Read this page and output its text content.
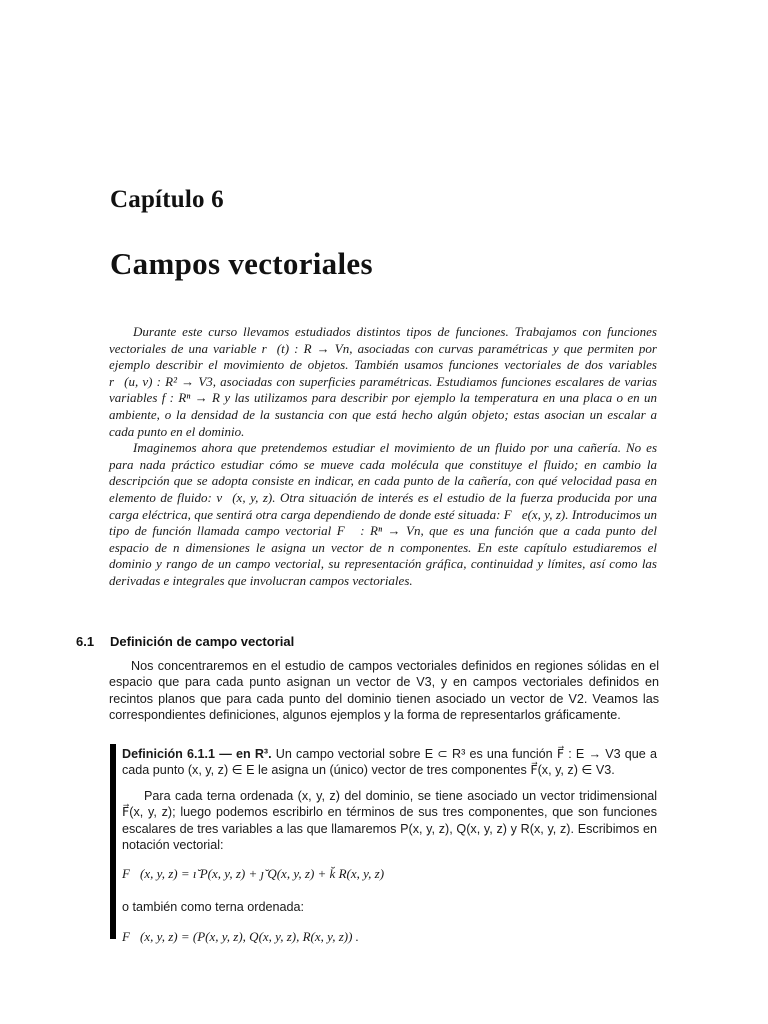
Capítulo 6
Campos vectoriales

Durante este curso llevamos estudiados distintos tipos de funciones. Trabajamos con funciones vectoriales de una variable r⃗(t) : R → Vn, asociadas con curvas paramétricas y que permiten por ejemplo describir el movimiento de objetos. También usamos funciones vectoriales de dos variables r⃗(u, v) : R² → V3, asociadas con superficies paramétricas. Estudiamos funciones escalares de varias variables f : Rⁿ → R y las utilizamos para describir por ejemplo la temperatura en una placa o en un ambiente, o la densidad de la sustancia con que está hecho algún objeto; estas asocian un escalar a cada punto en el dominio.

Imaginemos ahora que pretendemos estudiar el movimiento de un fluido por una cañería. No es para nada práctico estudiar cómo se mueve cada molécula que constituye el fluido; en cambio la descripción que se adopta consiste en indicar, en cada punto de la cañería, con qué velocidad pasa en elemento de fluido: v⃗(x, y, z). Otra situación de interés es el estudio de la fuerza producida por una carga eléctrica, que sentirá otra carga dependiendo de donde esté situada: F⃗e(x, y, z). Introducimos un tipo de función llamada campo vectorial F⃗ : Rⁿ → Vn, que es una función que a cada punto del espacio de n dimensiones le asigna un vector de n componentes. En este capítulo estudiaremos el dominio y rango de un campo vectorial, su representación gráfica, continuidad y límites, así como las derivadas e integrales que involucran campos vectoriales.

6.1 Definición de campo vectorial

Nos concentraremos en el estudio de campos vectoriales definidos en regiones sólidas en el espacio que para cada punto asignan un vector de V3, y en campos vectoriales definidos en recintos planos que para cada punto del dominio tienen asociado un vector de V2. Veamos las correspondientes definiciones, algunos ejemplos y la forma de representarlos gráficamente.

Definición 6.1.1 — en R³. Un campo vectorial sobre E ⊂ R³ es una función F⃗ : E → V3 que a cada punto (x, y, z) ∈ E le asigna un (único) vector de tres componentes F⃗(x, y, z) ∈ V3.

Para cada terna ordenada (x, y, z) del dominio, se tiene asociado un vector tridimensional F⃗(x, y, z); luego podemos escribirlo en términos de sus tres componentes, que son funciones escalares de tres variables a las que llamaremos P(x, y, z), Q(x, y, z) y R(x, y, z). Escribimos en notación vectorial:

F⃗(x, y, z) = ı̆ P(x, y, z) + ȷ̆ Q(x, y, z) + k̆ R(x, y, z)

o también como terna ordenada:

F⃗(x, y, z) = (P(x, y, z), Q(x, y, z), R(x, y, z)) .
